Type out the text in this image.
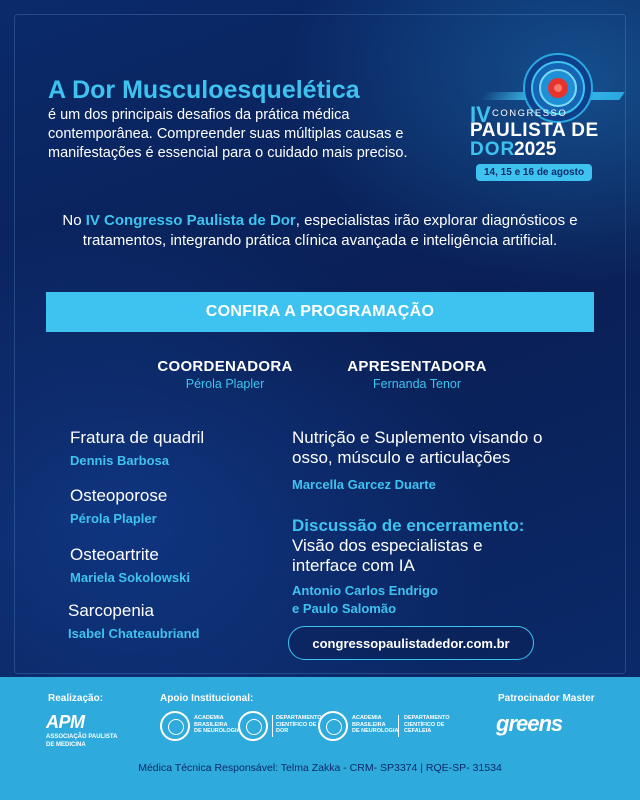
A Dor Musculoesquelética
é um dos principais desafios da prática médica contemporânea. Compreender suas múltiplas causas e manifestações é essencial para o cuidado mais preciso.
IV CONGRESSO
PAULISTA DE
DOR
2025
14, 15 e 16 de agosto
No IV Congresso Paulista de Dor, especialistas irão explorar diagnósticos e tratamentos, integrando prática clínica avançada e inteligência artificial.
CONFIRA A PROGRAMAÇÃO
COORDENADORA
Pérola Plapler
APRESENTADORA
Fernanda Tenor
Fratura de quadril
Dennis Barbosa
Osteoporose
Pérola Plapler
Osteoartrite
Mariela Sokolowski
Sarcopenia
Isabel Chateaubriand
Nutrição e Suplemento visando o
osso, músculo e articulações
Marcella Garcez Duarte
Discussão de encerramento:
Visão dos especialistas e
interface com IA
Antonio Carlos Endrigo
e Paulo Salomão
congressopaulistadedor.com.br
Realização:
APM
ASSOCIAÇÃO PAULISTA
DE MEDICINA
Apoio Institucional:
ACADEMIA
BRASILEIRA
DE NEUROLOGIA
DEPARTAMENTO
CIENTÍFICO DE
DOR
ACADEMIA
BRASILEIRA
DE NEUROLOGIA
DEPARTAMENTO
CIENTÍFICO DE
CEFALEIA
Patrocinador Master
greens
Médica Técnica Responsável: Telma Zakka - CRM- SP3374 | RQE-SP- 31534
